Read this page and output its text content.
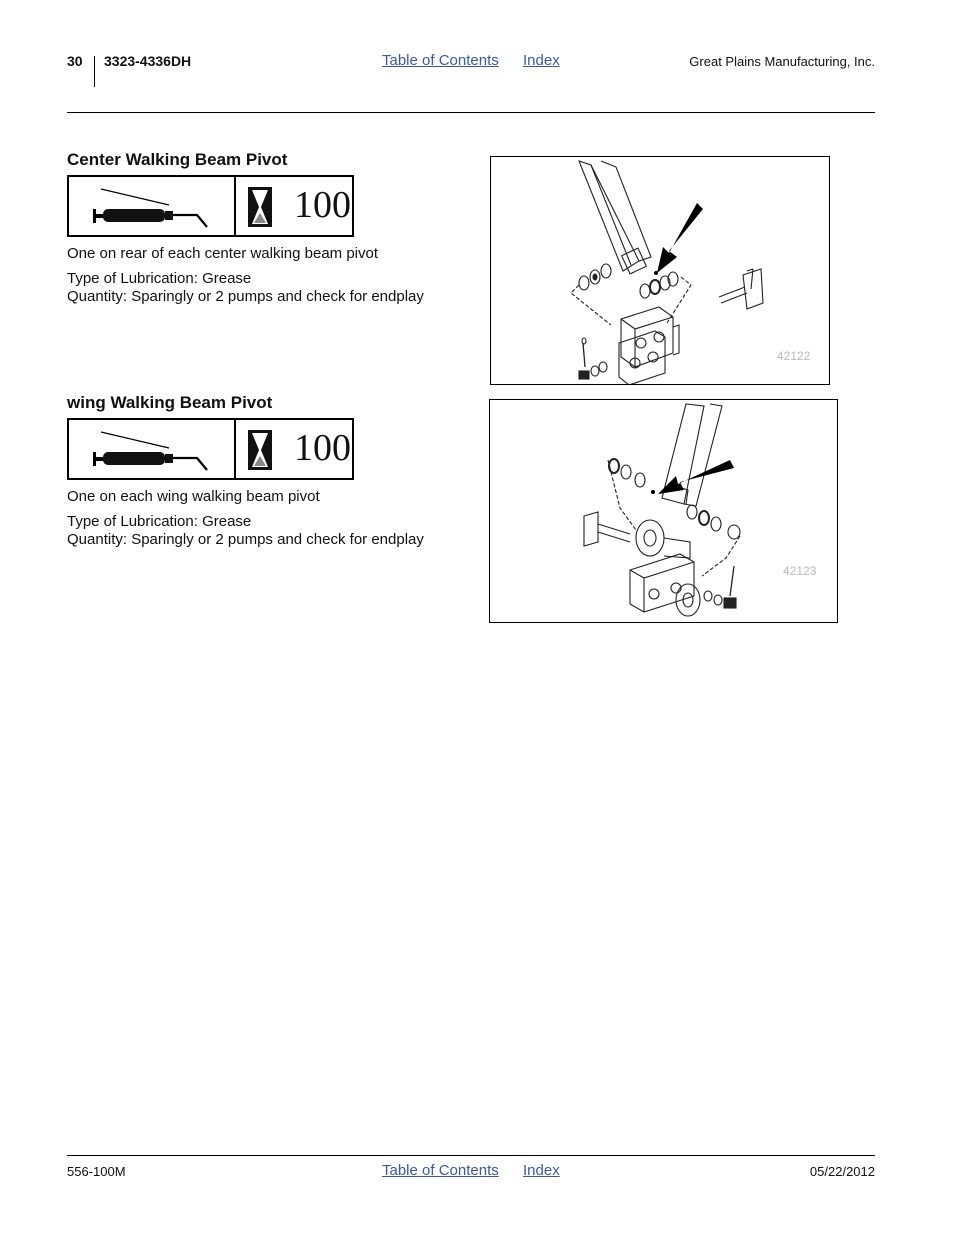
30 3323-4336DH	Table of Contents Index	Great Plains Manufacturing, Inc.
Center Walking Beam Pivot
100
One on rear of each center walking beam pivot
Type of Lubrication: Grease
Quantity: Sparingly or 2 pumps and check for endplay
42122
wing Walking Beam Pivot
100
One on each wing walking beam pivot
Type of Lubrication: Grease
Quantity: Sparingly or 2 pumps and check for endplay
42123
556-100M	Table of Contents Index	05/22/2012
